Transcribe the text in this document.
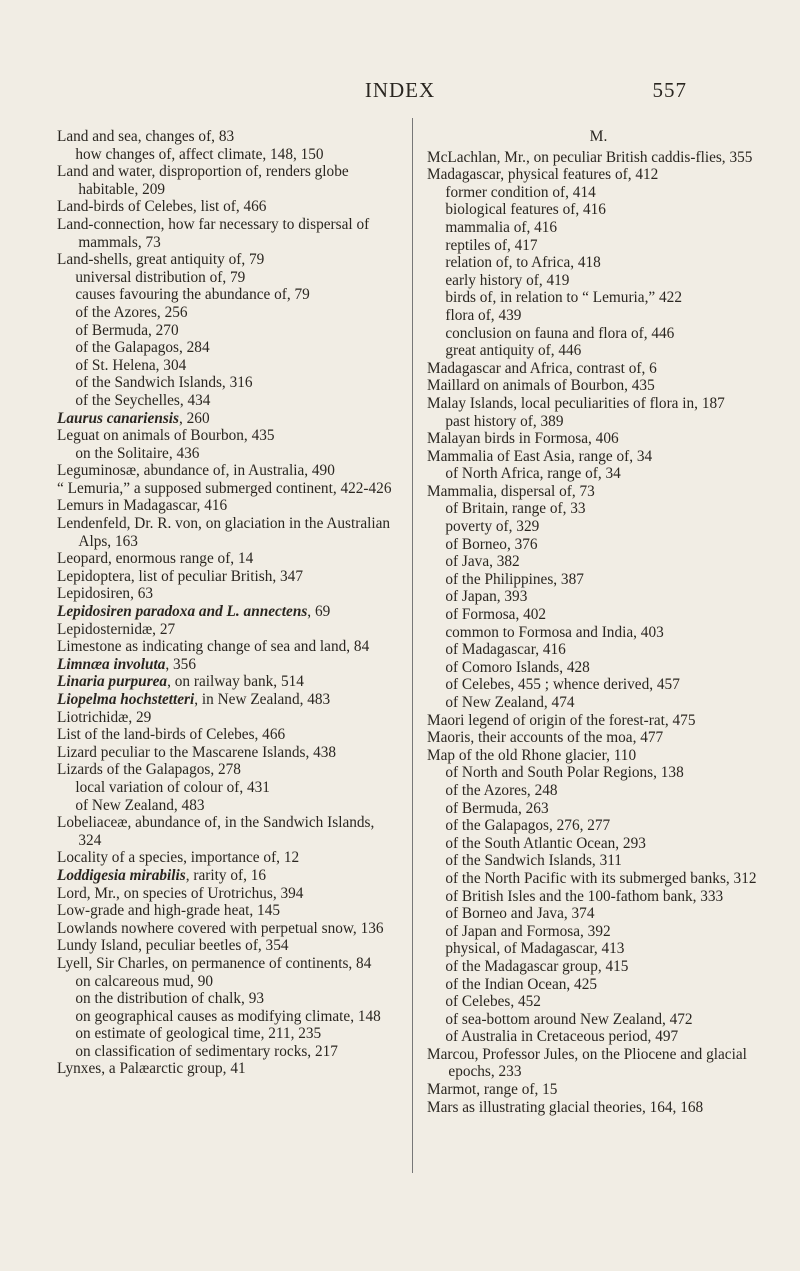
INDEX	557

Land and sea, changes of, 83

how changes of, affect climate, 148, 150

Land and water, disproportion of, renders globe habitable, 209

Land-birds of Celebes, list of, 466

Land-connection, how far necessary to dispersal of mammals, 73

Land-shells, great antiquity of, 79

universal distribution of, 79

causes favouring the abundance of, 79

of the Azores, 256

of Bermuda, 270

of the Galapagos, 284

of St. Helena, 304

of the Sandwich Islands, 316

of the Seychelles, 434

Laurus canariensis, 260

Leguat on animals of Bourbon, 435

on the Solitaire, 436

Leguminosæ, abundance of, in Australia, 490

“ Lemuria,” a supposed submerged continent, 422-426

Lemurs in Madagascar, 416

Lendenfeld, Dr. R. von, on glaciation in the Australian Alps, 163

Leopard, enormous range of, 14

Lepidoptera, list of peculiar British, 347

Lepidosiren, 63

Lepidosiren paradoxa and L. annectens, 69

Lepidosternidæ, 27

Limestone as indicating change of sea and land, 84

Limnæa involuta, 356

Linaria purpurea, on railway bank, 514

Liopelma hochstetteri, in New Zealand, 483

Liotrichidæ, 29

List of the land-birds of Celebes, 466

Lizard peculiar to the Mascarene Islands, 438

Lizards of the Galapagos, 278

local variation of colour of, 431

of New Zealand, 483

Lobeliaceæ, abundance of, in the Sandwich Islands, 324

Locality of a species, importance of, 12

Loddigesia mirabilis, rarity of, 16

Lord, Mr., on species of Urotrichus, 394

Low-grade and high-grade heat, 145

Lowlands nowhere covered with perpetual snow, 136

Lundy Island, peculiar beetles of, 354

Lyell, Sir Charles, on permanence of continents, 84

on calcareous mud, 90

on the distribution of chalk, 93

on geographical causes as modifying climate, 148

on estimate of geological time, 211, 235

on classification of sedimentary rocks, 217

Lynxes, a Palæarctic group, 41

M.

McLachlan, Mr., on peculiar British caddis-flies, 355

Madagascar, physical features of, 412

former condition of, 414

biological features of, 416

mammalia of, 416

reptiles of, 417

relation of, to Africa, 418

early history of, 419

birds of, in relation to “ Lemuria,” 422

flora of, 439

conclusion on fauna and flora of, 446

great antiquity of, 446

Madagascar and Africa, contrast of, 6

Maillard on animals of Bourbon, 435

Malay Islands, local peculiarities of flora in, 187

past history of, 389

Malayan birds in Formosa, 406

Mammalia of East Asia, range of, 34

of North Africa, range of, 34

Mammalia, dispersal of, 73

of Britain, range of, 33

poverty of, 329

of Borneo, 376

of Java, 382

of the Philippines, 387

of Japan, 393

of Formosa, 402

common to Formosa and India, 403

of Madagascar, 416

of Comoro Islands, 428

of Celebes, 455 ; whence derived, 457

of New Zealand, 474

Maori legend of origin of the forest-rat, 475

Maoris, their accounts of the moa, 477

Map of the old Rhone glacier, 110

of North and South Polar Regions, 138

of the Azores, 248

of Bermuda, 263

of the Galapagos, 276, 277

of the South Atlantic Ocean, 293

of the Sandwich Islands, 311

of the North Pacific with its submerged banks, 312

of British Isles and the 100-fathom bank, 333

of Borneo and Java, 374

of Japan and Formosa, 392

physical, of Madagascar, 413

of the Madagascar group, 415

of the Indian Ocean, 425

of Celebes, 452

of sea-bottom around New Zealand, 472

of Australia in Cretaceous period, 497

Marcou, Professor Jules, on the Pliocene and glacial epochs, 233

Marmot, range of, 15

Mars as illustrating glacial theories, 164, 168
